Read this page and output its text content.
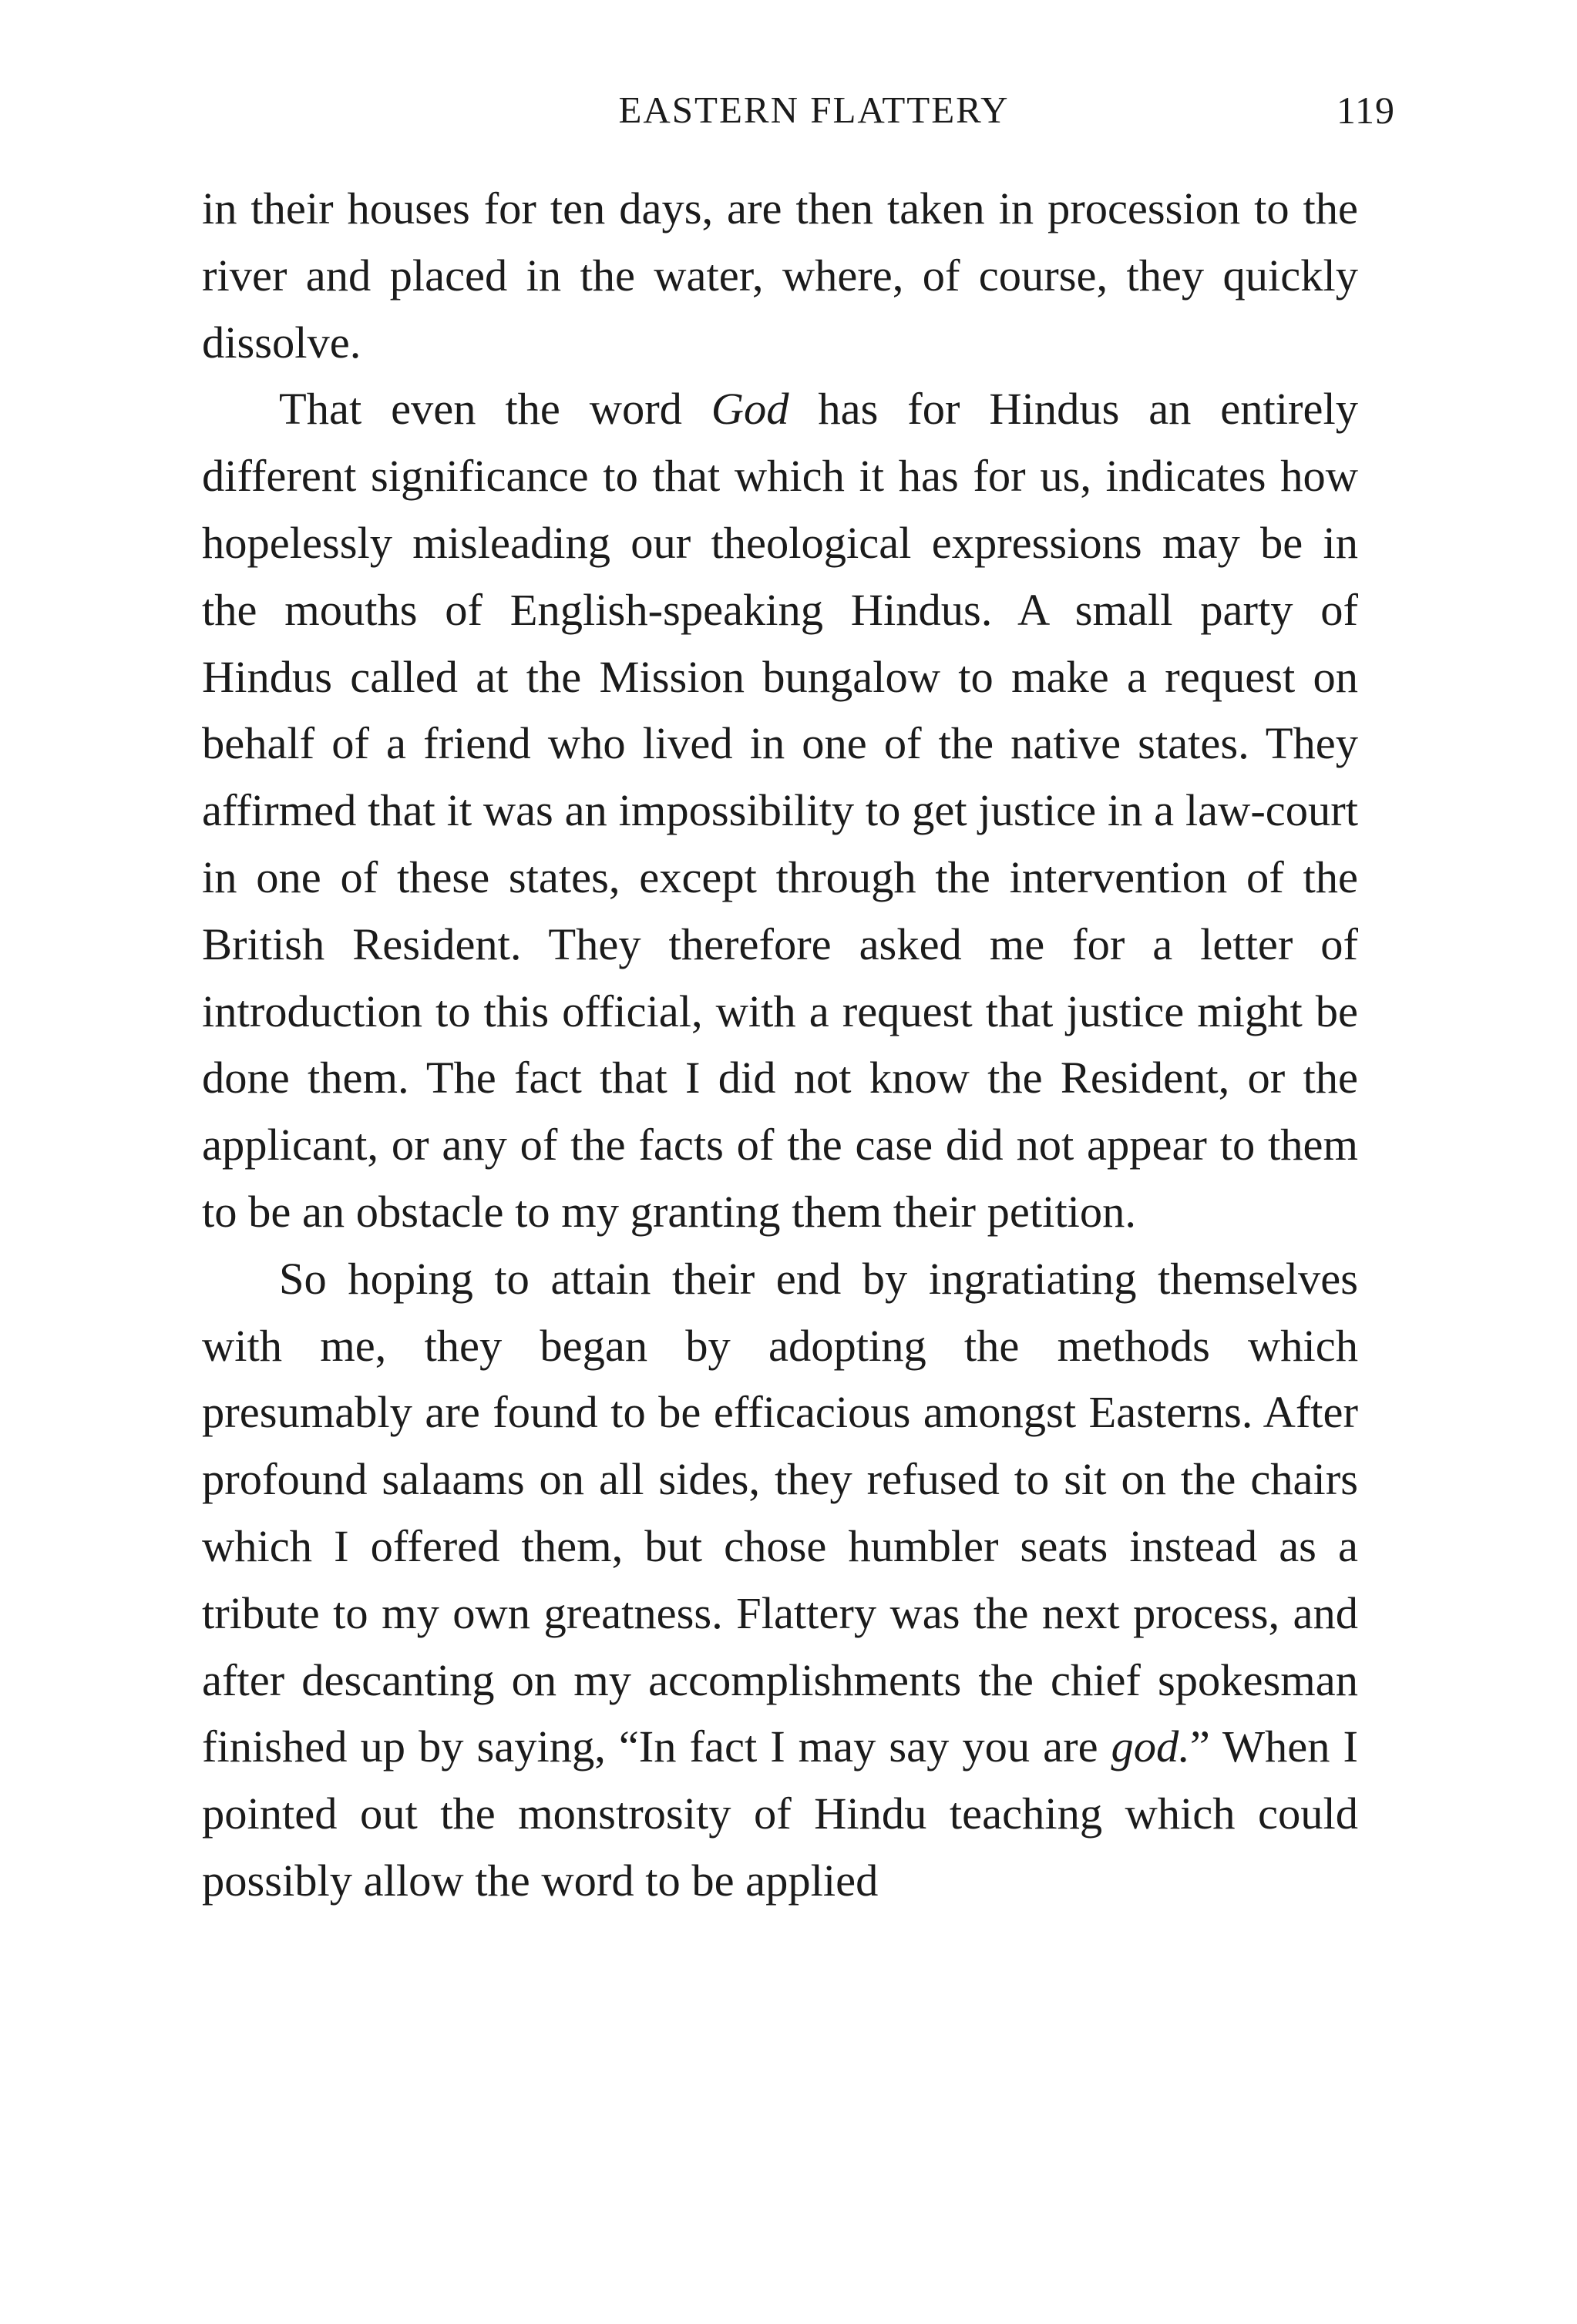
EASTERN FLATTERY	119

in their houses for ten days, are then taken in procession to the river and placed in the water, where, of course, they quickly dissolve.

That even the word God has for Hindus an entirely different significance to that which it has for us, indicates how hopelessly misleading our theological expressions may be in the mouths of English-speaking Hindus. A small party of Hindus called at the Mission bungalow to make a request on behalf of a friend who lived in one of the native states. They affirmed that it was an impossibility to get justice in a law-court in one of these states, except through the intervention of the British Resident. They therefore asked me for a letter of introduction to this official, with a request that justice might be done them. The fact that I did not know the Resident, or the applicant, or any of the facts of the case did not appear to them to be an obstacle to my granting them their petition.

So hoping to attain their end by ingratiating themselves with me, they began by adopting the methods which presumably are found to be efficacious amongst Easterns. After profound salaams on all sides, they refused to sit on the chairs which I offered them, but chose humbler seats instead as a tribute to my own greatness. Flattery was the next process, and after descanting on my accomplishments the chief spokesman finished up by saying, “In fact I may say you are god.” When I pointed out the monstrosity of Hindu teaching which could possibly allow the word to be applied
